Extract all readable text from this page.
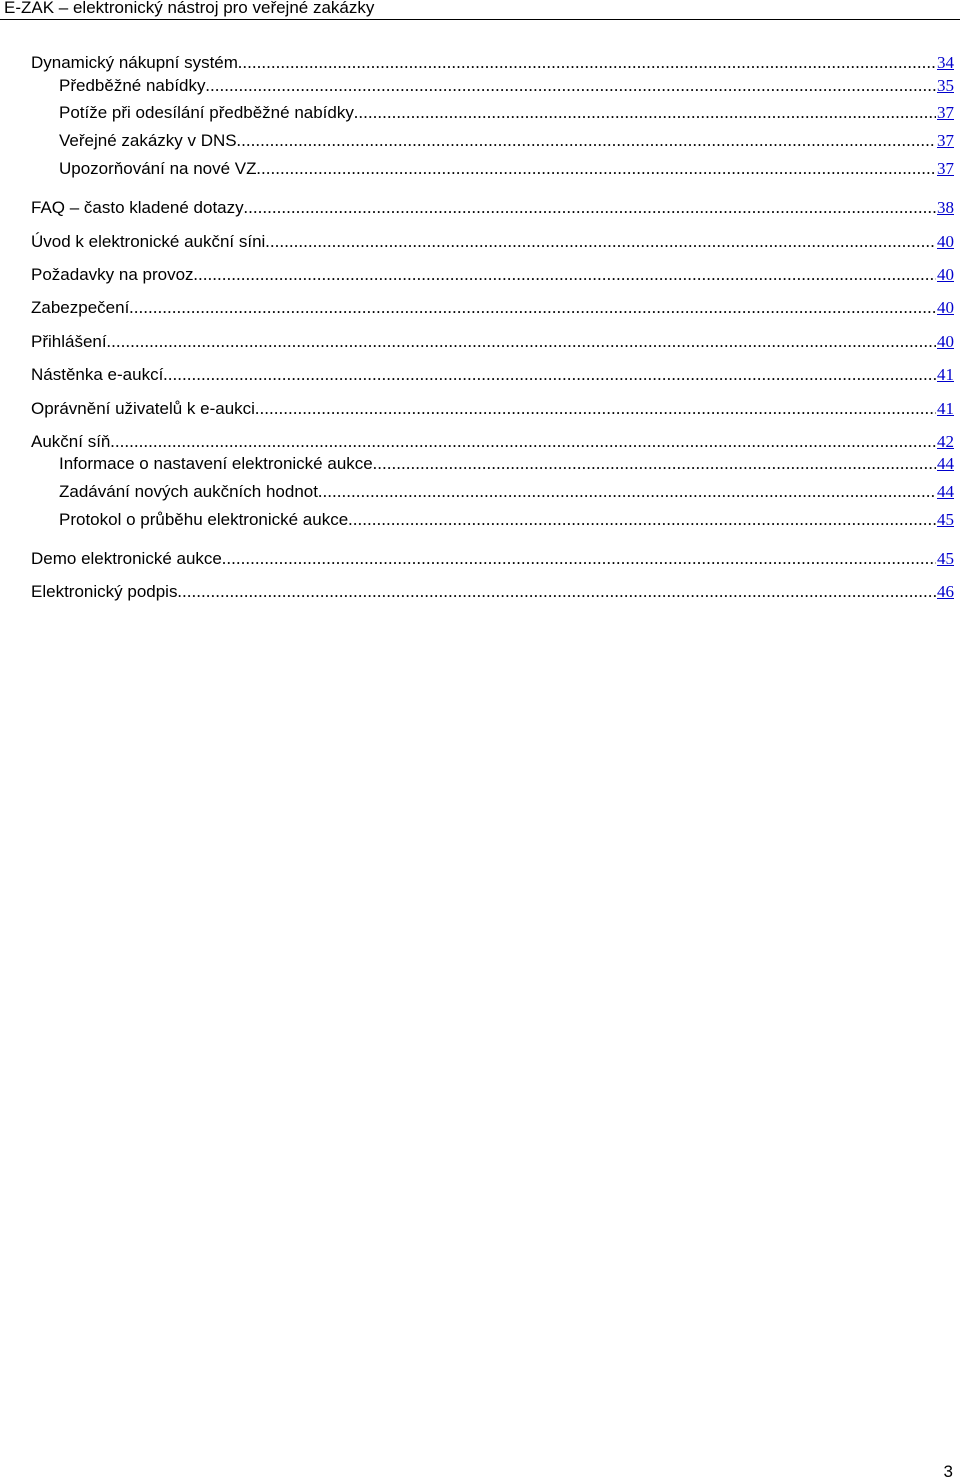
E-ZAK – elektronický nástroj pro veřejné zakázky
Dynamický nákupní systém .....	34
Předběžné nabídky .....	35
Potíže při odesílání předběžné nabídky .....	37
Veřejné zakázky v DNS .....	37
Upozorňování na nové VZ .....	37
FAQ – často kladené dotazy .....	38
Úvod k elektronické aukční síni .....	40
Požadavky na provoz .....	40
Zabezpečení .....	40
Přihlášení .....	40
Nástěnka e-aukcí .....	41
Oprávnění uživatelů k e-aukci .....	41
Aukční síň .....	42
Informace o nastavení elektronické aukce .....	44
Zadávání nových aukčních hodnot .....	44
Protokol o průběhu elektronické aukce .....	45
Demo elektronické aukce .....	45
Elektronický podpis .....	46
3
